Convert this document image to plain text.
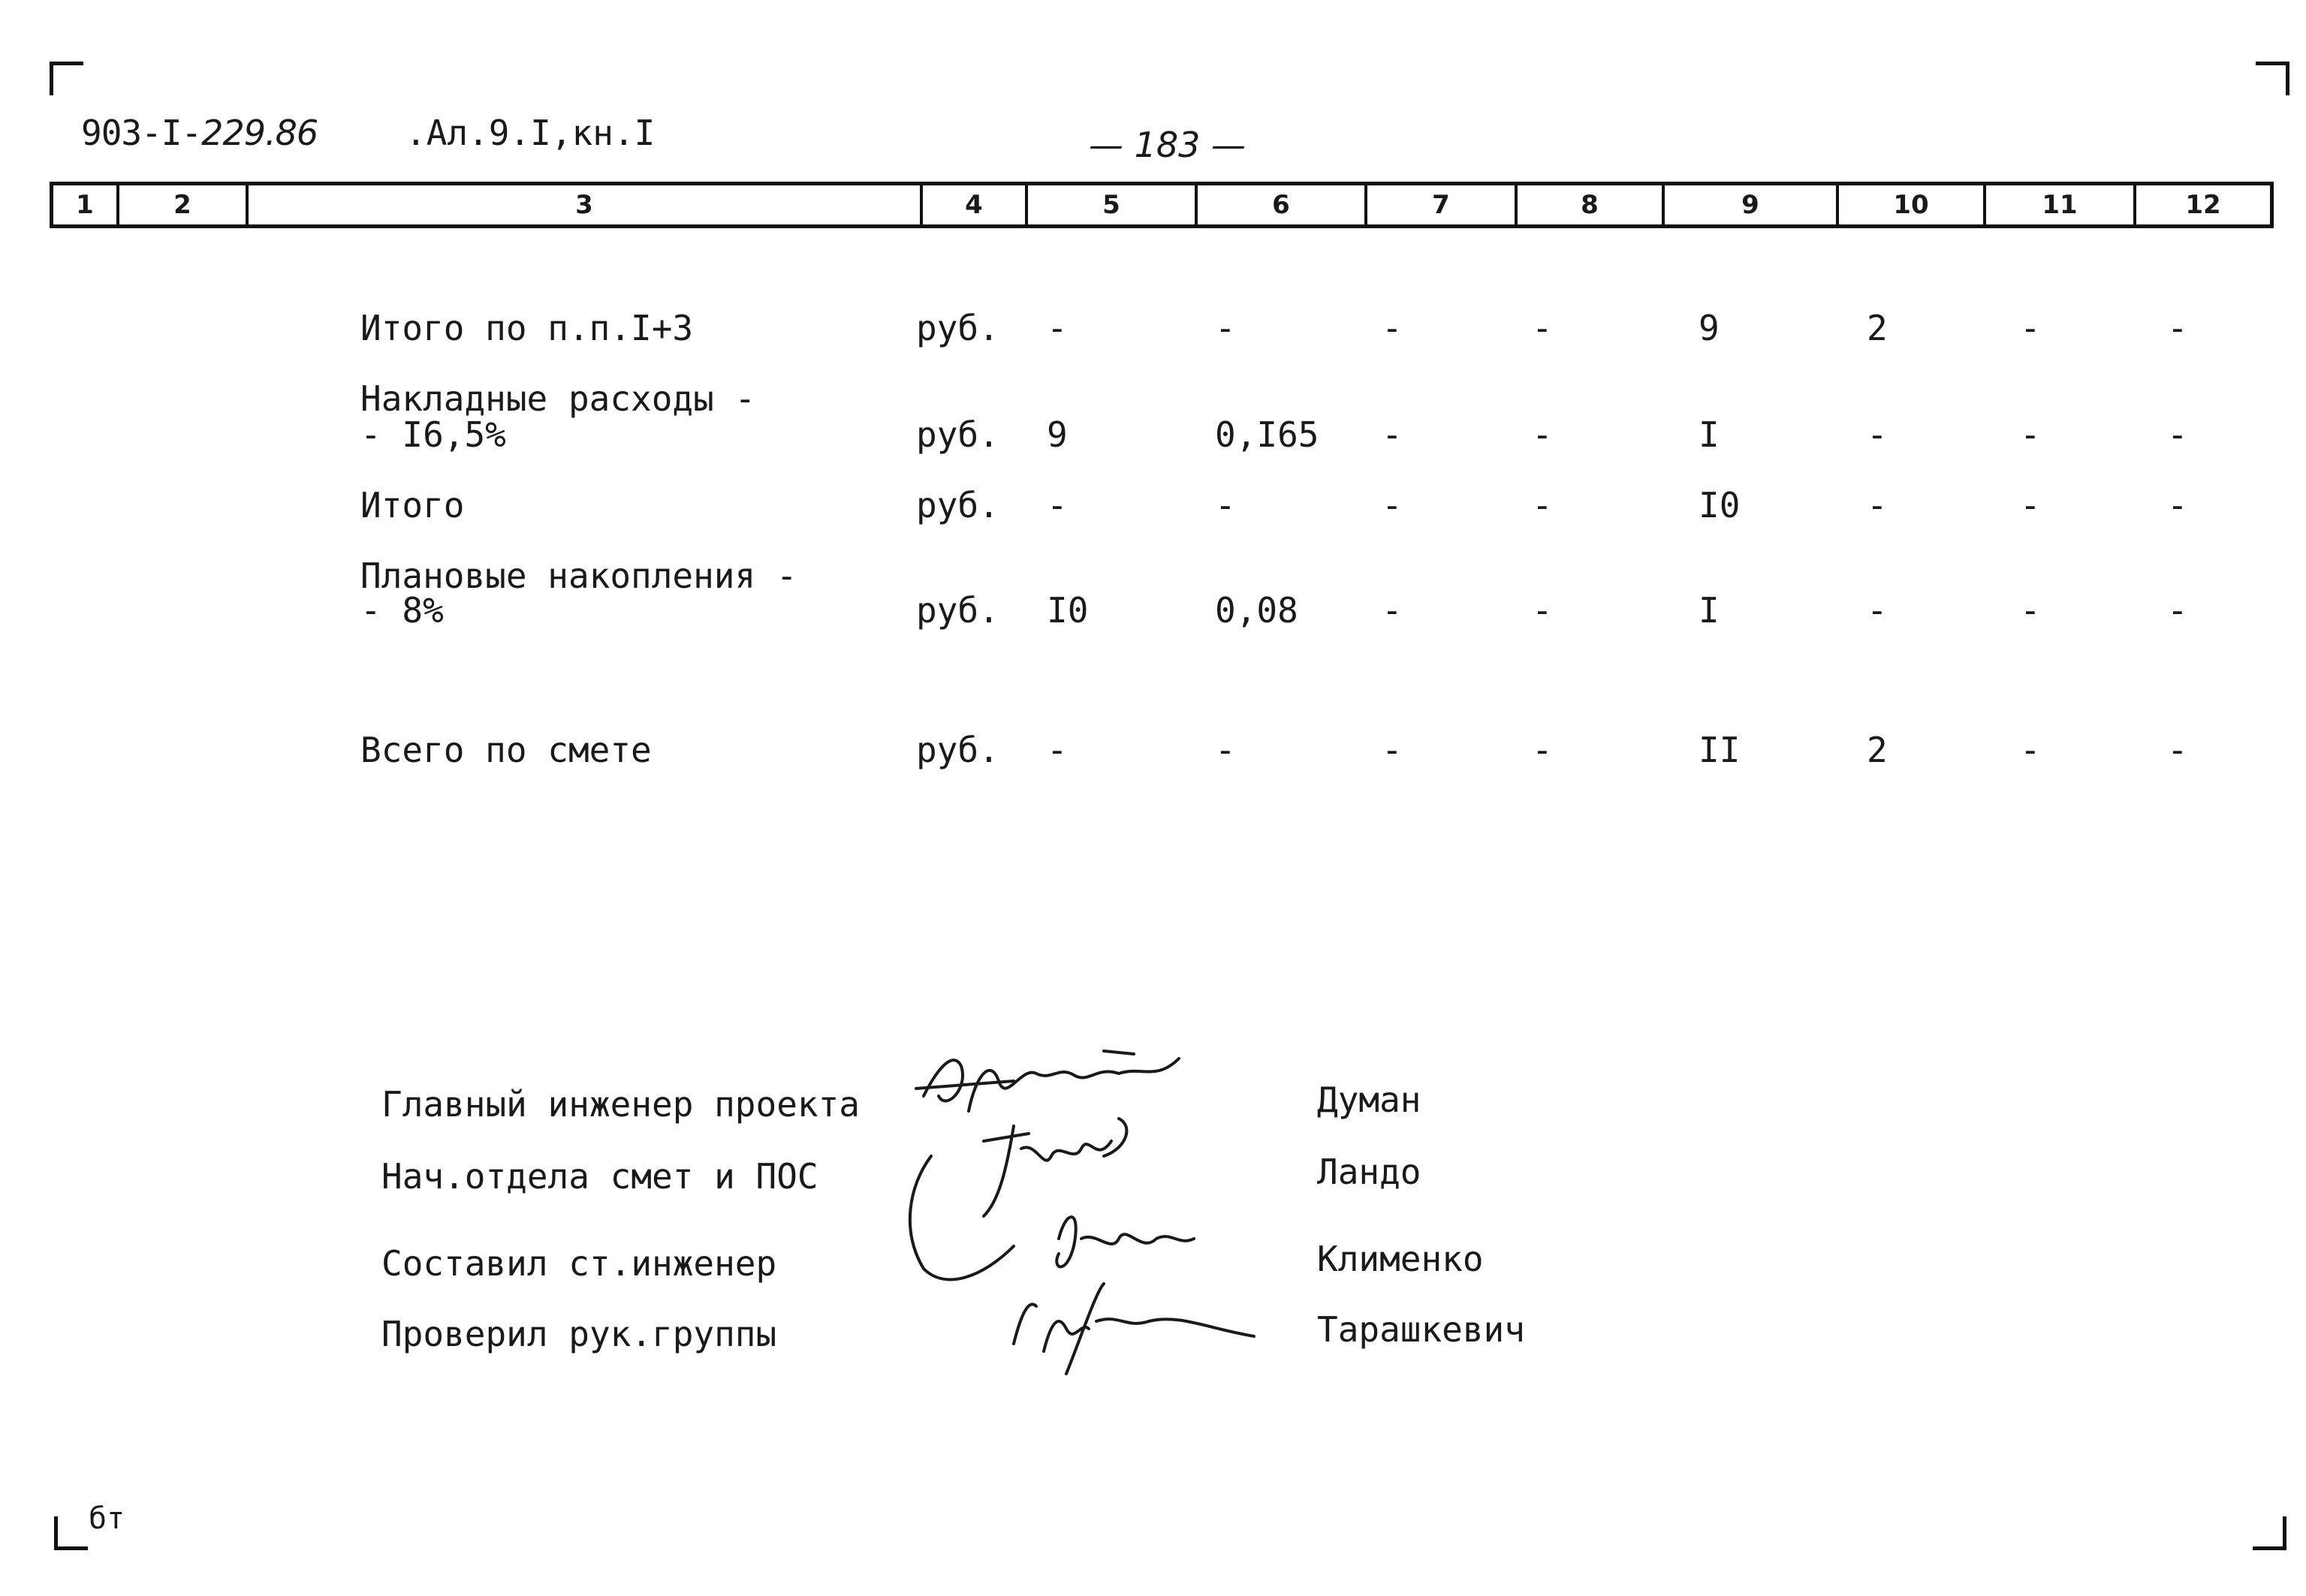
903-I-229.86	.Ал.9.I,кн.I	— 183 —
1	2	3	4	5	6	7	8	9	10	11	12
Итого по п.п.I+3	руб. -	-	-	-	9	2	-	-
Накладные расходы -
- I6,5%	руб. 9	0,I65 -	-	I	-	-	-
Итого	руб. -	-	-	-	I0	-	-	-
Плановые накопления -
- 8%	руб. I0	0,08 -	-	I	-	-	-
Всего по смете	руб. -	-	-	-	II	2	-	-
Главный инженер проекта	Думан
Нач.отдела смет и ПОС	Ландо
Составил ст.инженер	Клименко
Проверил рук.группы	Тарашкевич
бт
